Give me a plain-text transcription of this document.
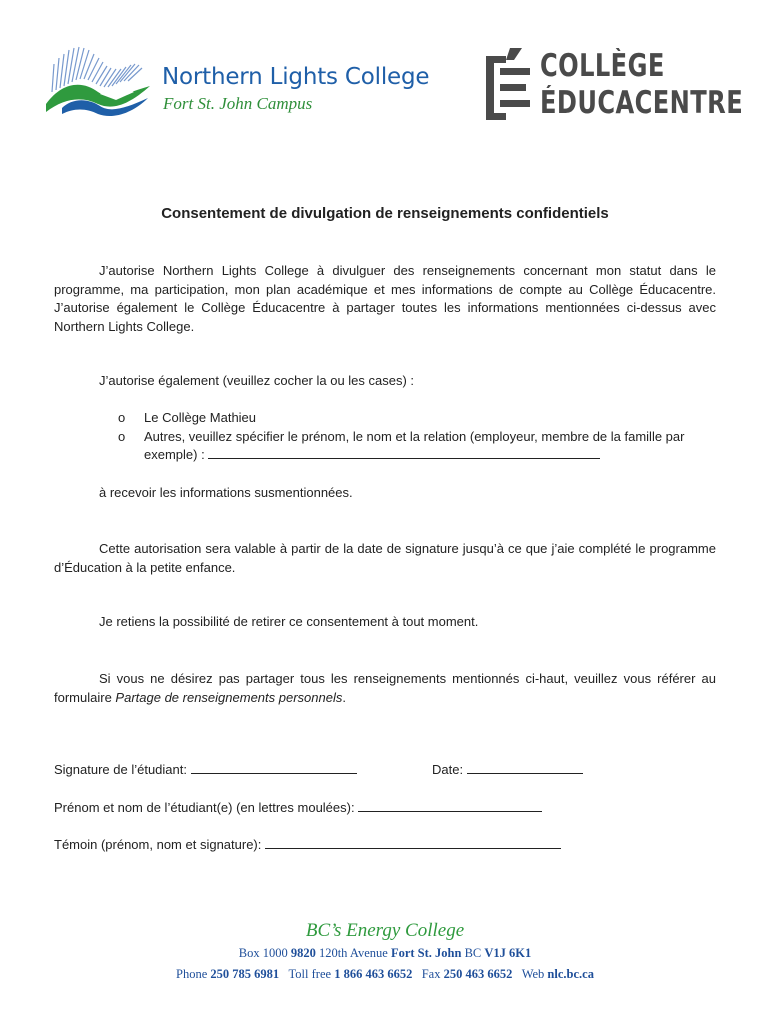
Northern Lights College
Fort St. John Campus
COLLÈGE
ÉDUCACENTRE
Consentement de divulgation de renseignements confidentiels
J’autorise Northern Lights College à divulguer des renseignements concernant mon statut dans le programme, ma participation, mon plan académique et mes informations de compte au Collège Éducacentre. J’autorise également le Collège Éducacentre à partager toutes les informations mentionnées ci-dessus avec Northern Lights College.
J’autorise également (veuillez cocher la ou les cases) :
o Le Collège Mathieu
o Autres, veuillez spécifier le prénom, le nom et la relation (employeur, membre de la famille par exemple) :
à recevoir les informations susmentionnées.
Cette autorisation sera valable à partir de la date de signature jusqu’à ce que j’aie complété le programme d’Éducation à la petite enfance.
Je retiens la possibilité de retirer ce consentement à tout moment.
Si vous ne désirez pas partager tous les renseignements mentionnés ci-haut, veuillez vous référer au formulaire Partage de renseignements personnels.
Signature de l’étudiant:	Date:
Prénom et nom de l’étudiant(e) (en lettres moulées):
Témoin (prénom, nom et signature):
BC’s Energy College
Box 1000 9820 120th Avenue Fort St. John BC V1J 6K1
Phone 250 785 6981 Toll free 1 866 463 6652 Fax 250 463 6652 Web nlc.bc.ca
